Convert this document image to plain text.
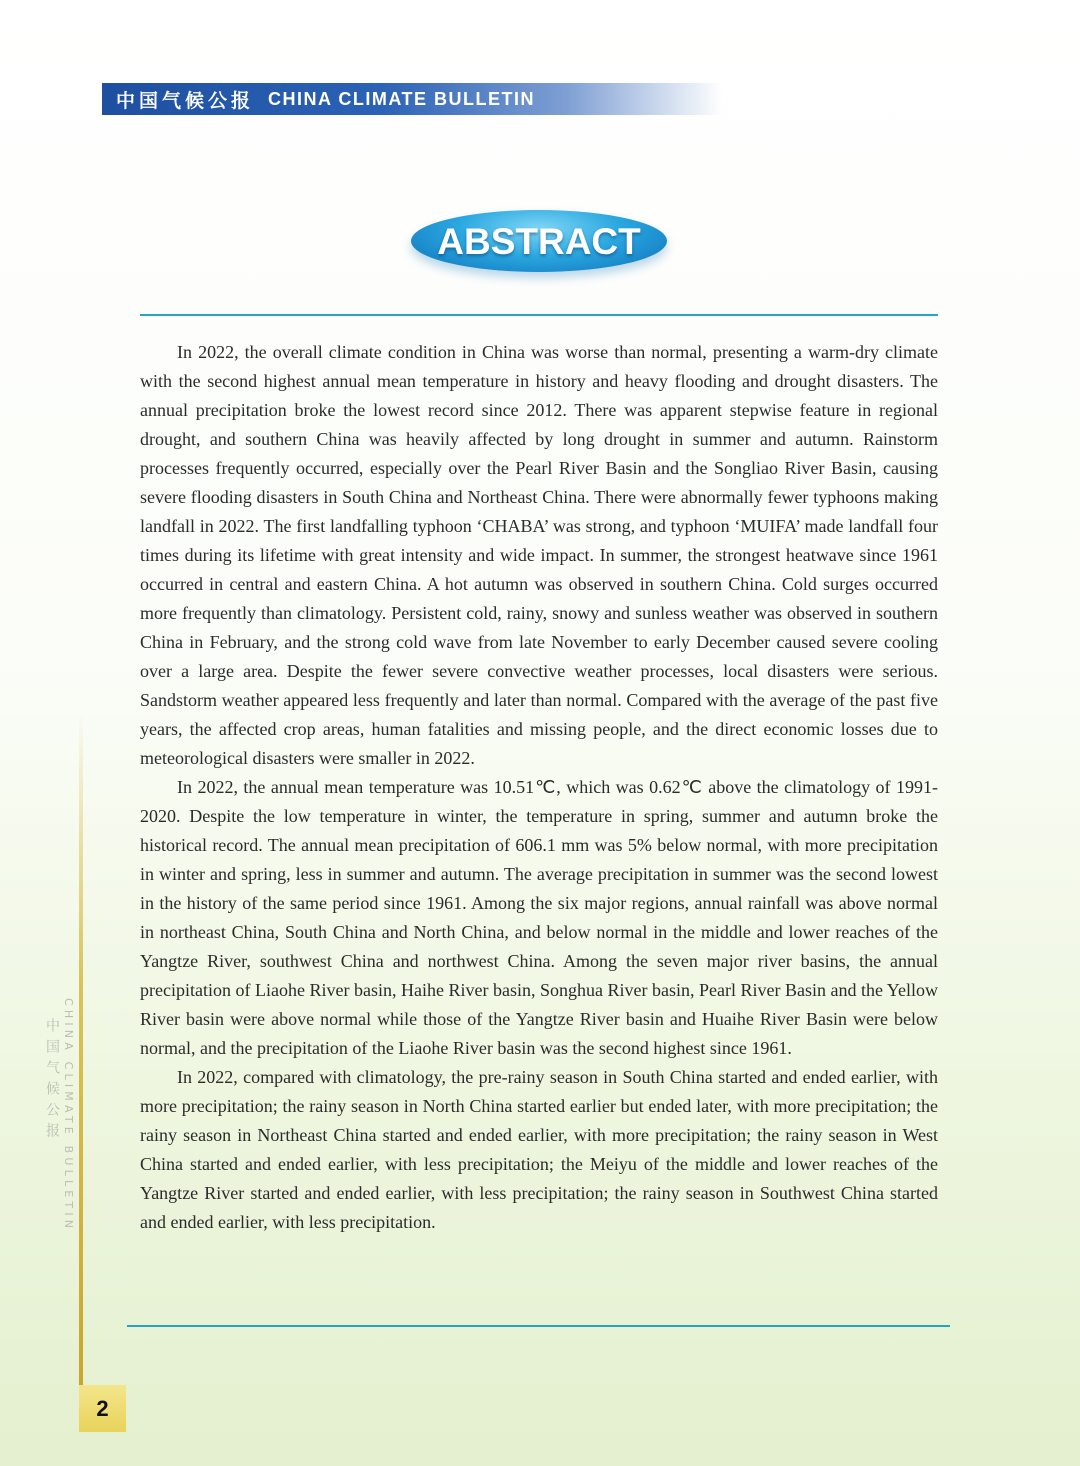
中国气候公报 CHINA CLIMATE BULLETIN
ABSTRACT

In 2022, the overall climate condition in China was worse than normal, presenting a warm-dry climate with the second highest annual mean temperature in history and heavy flooding and drought disasters. The annual precipitation broke the lowest record since 2012. There was apparent stepwise feature in regional drought, and southern China was heavily affected by long drought in summer and autumn. Rainstorm processes frequently occurred, especially over the Pearl River Basin and the Songliao River Basin, causing severe flooding disasters in South China and Northeast China. There were abnormally fewer typhoons making landfall in 2022. The first landfalling typhoon ‘CHABA’ was strong, and typhoon ‘MUIFA’ made landfall four times during its lifetime with great intensity and wide impact. In summer, the strongest heatwave since 1961 occurred in central and eastern China. A hot autumn was observed in southern China. Cold surges occurred more frequently than climatology. Persistent cold, rainy, snowy and sunless weather was observed in southern China in February, and the strong cold wave from late November to early December caused severe cooling over a large area. Despite the fewer severe convective weather processes, local disasters were serious. Sandstorm weather appeared less frequently and later than normal. Compared with the average of the past five years, the affected crop areas, human fatalities and missing people, and the direct economic losses due to meteorological disasters were smaller in 2022.

In 2022, the annual mean temperature was 10.51℃, which was 0.62℃ above the climatology of 1991-2020. Despite the low temperature in winter, the temperature in spring, summer and autumn broke the historical record. The annual mean precipitation of 606.1 mm was 5% below normal, with more precipitation in winter and spring, less in summer and autumn. The average precipitation in summer was the second lowest in the history of the same period since 1961. Among the six major regions, annual rainfall was above normal in northeast China, South China and North China, and below normal in the middle and lower reaches of the Yangtze River, southwest China and northwest China. Among the seven major river basins, the annual precipitation of Liaohe River basin, Haihe River basin, Songhua River basin, Pearl River Basin and the Yellow River basin were above normal while those of the Yangtze River basin and Huaihe River Basin were below normal, and the precipitation of the Liaohe River basin was the second highest since 1961.

In 2022, compared with climatology, the pre-rainy season in South China started and ended earlier, with more precipitation; the rainy season in North China started earlier but ended later, with more precipitation; the rainy season in Northeast China started and ended earlier, with more precipitation; the rainy season in West China started and ended earlier, with less precipitation; the Meiyu of the middle and lower reaches of the Yangtze River started and ended earlier, with less precipitation; the rainy season in Southwest China started and ended earlier, with less precipitation.

CHINA CLIMATE BULLETIN
中国气候公报
2
